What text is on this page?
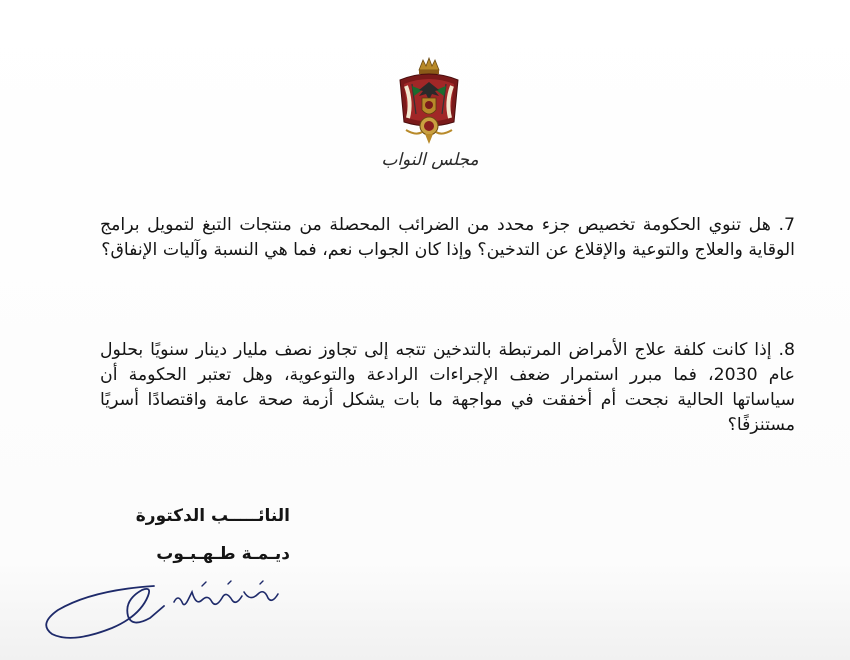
مجلس النواب

7. هل تنوي الحكومة تخصيص جزء محدد من الضرائب المحصلة من منتجات التبغ لتمويل برامج الوقاية والعلاج والتوعية والإقلاع عن التدخين؟ وإذا كان الجواب نعم، فما هي النسبة وآليات الإنفاق؟

8. إذا كانت كلفة علاج الأمراض المرتبطة بالتدخين تتجه إلى تجاوز نصف مليار دينار سنويًا بحلول عام 2030، فما مبرر استمرار ضعف الإجراءات الرادعة والتوعوية، وهل تعتبر الحكومة أن سياساتها الحالية نجحت أم أخفقت في مواجهة ما بات يشكل أزمة صحة عامة واقتصادًا أسريًا مستنزفًا؟

النائـــــب الدكتورة

ديـمـة طـهـبـوب
